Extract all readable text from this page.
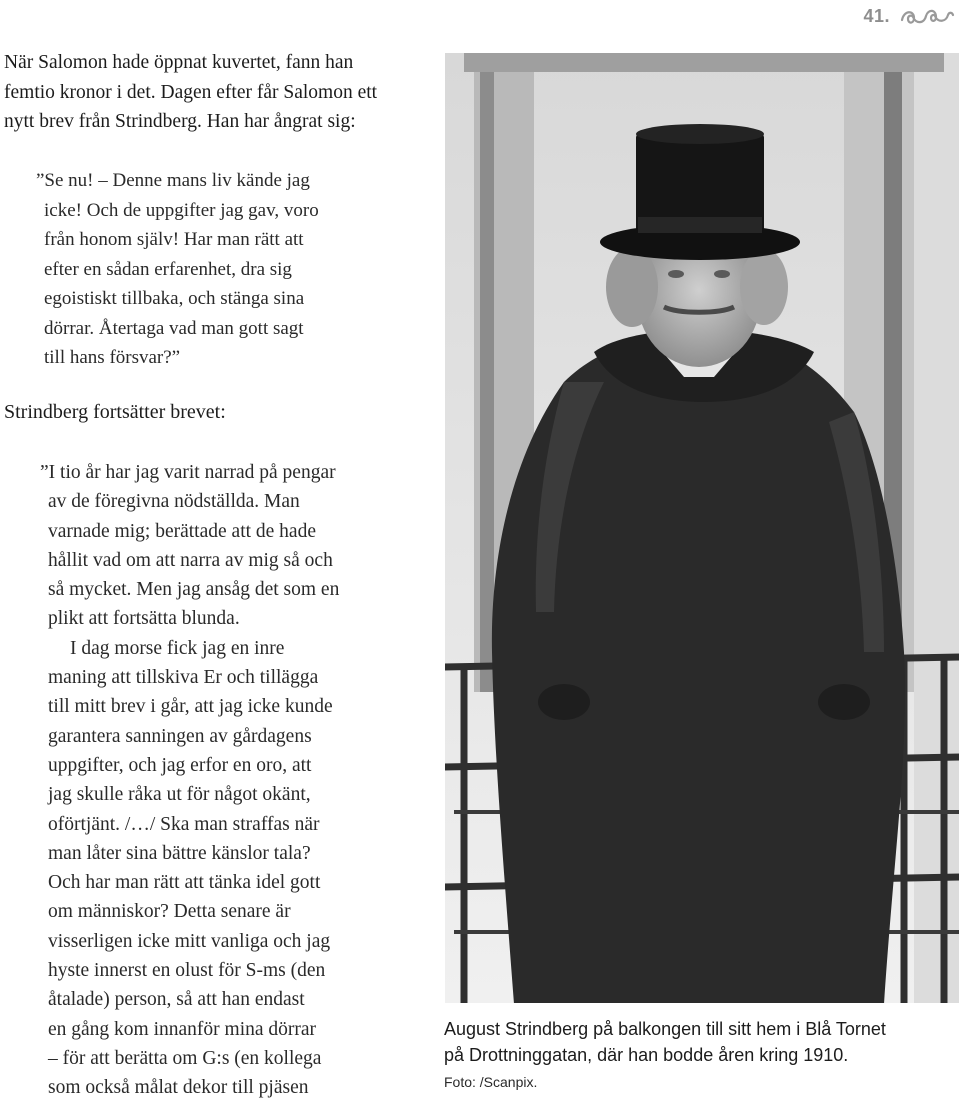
41.

När Salomon hade öppnat kuvertet, fann han
femtio kronor i det. Dagen efter får Salomon ett
nytt brev från Strindberg. Han har ångrat sig:

”Se nu! – Denne mans liv kände jag
icke! Och de uppgifter jag gav, voro
från honom själv! Har man rätt att
efter en sådan erfarenhet, dra sig
egoistiskt tillbaka, och stänga sina
dörrar. Återtaga vad man gott sagt
till hans försvar?”

Strindberg fortsätter brevet:

”I tio år har jag varit narrad på pengar
av de föregivna nödställda. Man
varnade mig; berättade att de hade
hållit vad om att narra av mig så och
så mycket. Men jag ansåg det som en
plikt att fortsätta blunda.
I dag morse fick jag en inre
maning att tillskiva Er och tillägga
till mitt brev i går, att jag icke kunde
garantera sanningen av gårdagens
uppgifter, och jag erfor en oro, att
jag skulle råka ut för något okänt,
oförtjänt. /…/ Ska man straffas när
man låter sina bättre känslor tala?
Och har man rätt att tänka idel gott
om människor? Detta senare är
visserligen icke mitt vanliga och jag
hyste innerst en olust för S-ms (den
åtalade) person, så att han endast
en gång kom innanför mina dörrar
– för att berätta om G:s (en kollega
som också målat dekor till pjäsen

August Strindberg på balkongen till sitt hem i Blå Tornet
på Drottninggatan, där han bodde åren kring 1910.

Foto: /Scanpix.
